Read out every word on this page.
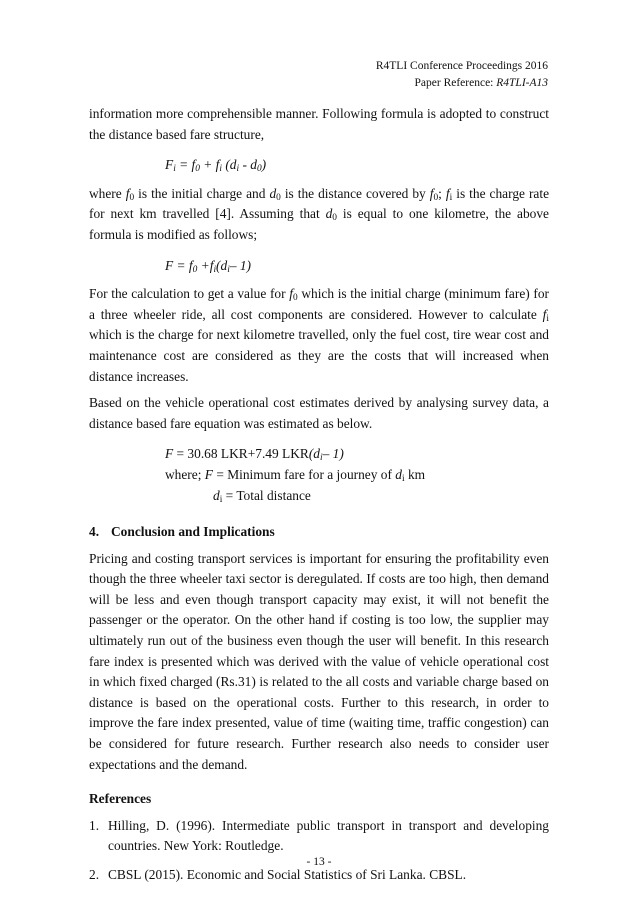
R4TLI Conference Proceedings 2016
Paper Reference: R4TLI-A13

information more comprehensible manner. Following formula is adopted to construct the distance based fare structure,

$F_i = f_0 + f_i$ $(d_i - d_0)$

where $f_0$ is the initial charge and $d_0$ is the distance covered by $f_0$; $f_i$ is the charge rate for next km travelled [4]. Assuming that $d_0$ is equal to one kilometre, the above formula is modified as follows;

$F = f_0 +f_i(d_i-$ 1)

For the calculation to get a value for $f_0$ which is the initial charge (minimum fare) for a three wheeler ride, all cost components are considered. However to calculate $f_i$ which is the charge for next kilometre travelled, only the fuel cost, tire wear cost and maintenance cost are considered as they are the costs that will increased when distance increases.

Based on the vehicle operational cost estimates derived by analysing survey data, a distance based fare equation was estimated as below.

F = 30.68 LKR+7.49 $LKR(d_i-$ 1)
where; F = Minimum fare for a journey of $d_i$ km
$d_i$ = Total distance
4. Conclusion and Implications

Pricing and costing transport services is important for ensuring the profitability even though the three wheeler taxi sector is deregulated. If costs are too high, then demand will be less and even though transport capacity may exist, it will not benefit the passenger or the operator. On the other hand if costing is too low, the supplier may ultimately run out of the business even though the user will benefit. In this research fare index is presented which was derived with the value of vehicle operational cost in which fixed charged (Rs.31) is related to the all costs and variable charge based on distance is based on the operational costs. Further to this research, in order to improve the fare index presented, value of time (waiting time, traffic congestion) can be considered for future research. Further research also needs to consider user expectations and the demand.

References

1. Hilling, D. (1996). Intermediate public transport in transport and developing countries. New York: Routledge.

2. CBSL (2015). Economic and Social Statistics of Sri Lanka. CBSL.

- 13 -
